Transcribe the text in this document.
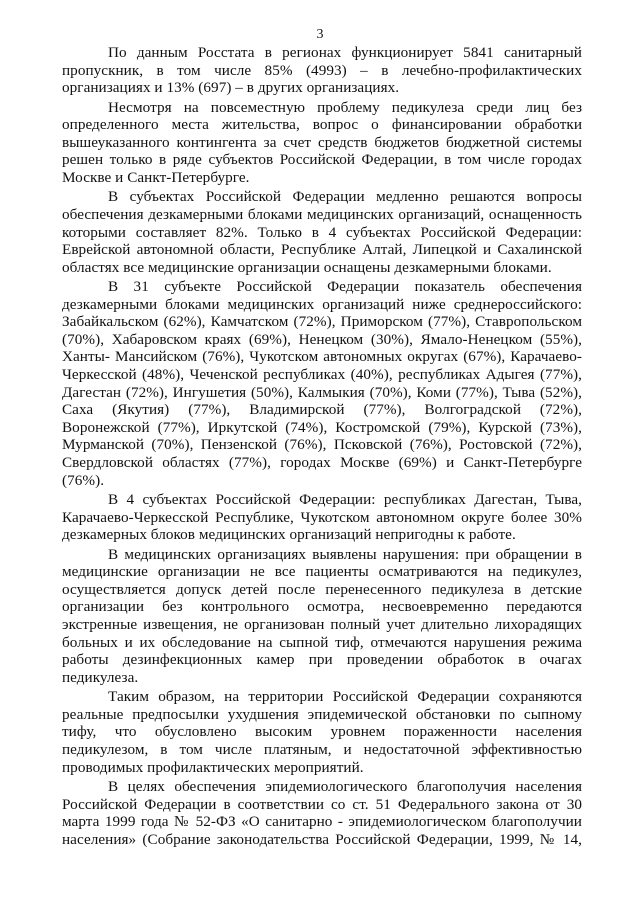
3

По данным Росстата в регионах функционирует 5841 санитарный пропускник, в том числе 85% (4993) – в лечебно-профилактических организациях и 13% (697) – в других организациях.

Несмотря на повсеместную проблему педикулеза среди лиц без определенного места жительства, вопрос о финансировании обработки вышеуказанного контингента за счет средств бюджетов бюджетной системы решен только в ряде субъектов Российской Федерации, в том числе городах Москве и Санкт-Петербурге.

В субъектах Российской Федерации медленно решаются вопросы обеспечения дезкамерными блоками медицинских организаций, оснащенность которыми составляет 82%. Только в 4 субъектах Российской Федерации: Еврейской автономной области, Республике Алтай, Липецкой и Сахалинской областях все медицинские организации оснащены дезкамерными блоками.

В 31 субъекте Российской Федерации показатель обеспечения дезкамерными блоками медицинских организаций ниже среднероссийского: Забайкальском (62%), Камчатском (72%), Приморском (77%), Ставропольском (70%), Хабаровском краях (69%), Ненецком (30%), Ямало-Ненецком (55%), Ханты- Мансийском (76%), Чукотском автономных округах (67%), Карачаево-Черкесской (48%), Чеченской республиках (40%), республиках Адыгея (77%), Дагестан (72%), Ингушетия (50%), Калмыкия (70%), Коми (77%), Тыва (52%), Саха (Якутия) (77%), Владимирской (77%), Волгоградской (72%), Воронежской (77%), Иркутской (74%), Костромской (79%), Курской (73%), Мурманской (70%), Пензенской (76%), Псковской (76%), Ростовской (72%), Свердловской областях (77%), городах Москве (69%) и Санкт-Петербурге (76%).

В 4 субъектах Российской Федерации: республиках Дагестан, Тыва, Карачаево-Черкесской Республике, Чукотском автономном округе более 30% дезкамерных блоков медицинских организаций непригодны к работе.

В медицинских организациях выявлены нарушения: при обращении в медицинские организации не все пациенты осматриваются на педикулез, осуществляется допуск детей после перенесенного педикулеза в детские организации без контрольного осмотра, несвоевременно передаются экстренные извещения, не организован полный учет длительно лихорадящих больных и их обследование на сыпной тиф, отмечаются нарушения режима работы дезинфекционных камер при проведении обработок в очагах педикулеза.

Таким образом, на территории Российской Федерации сохраняются реальные предпосылки ухудшения эпидемической обстановки по сыпному тифу, что обусловлено высоким уровнем пораженности населения педикулезом, в том числе платяным, и недостаточной эффективностью проводимых профилактических мероприятий.

В целях обеспечения эпидемиологического благополучия населения Российской Федерации в соответствии со ст. 51 Федерального закона от 30 марта 1999 года № 52-ФЗ «О санитарно - эпидемиологическом благополучии населения» (Собрание законодательства Российской Федерации, 1999, № 14,
